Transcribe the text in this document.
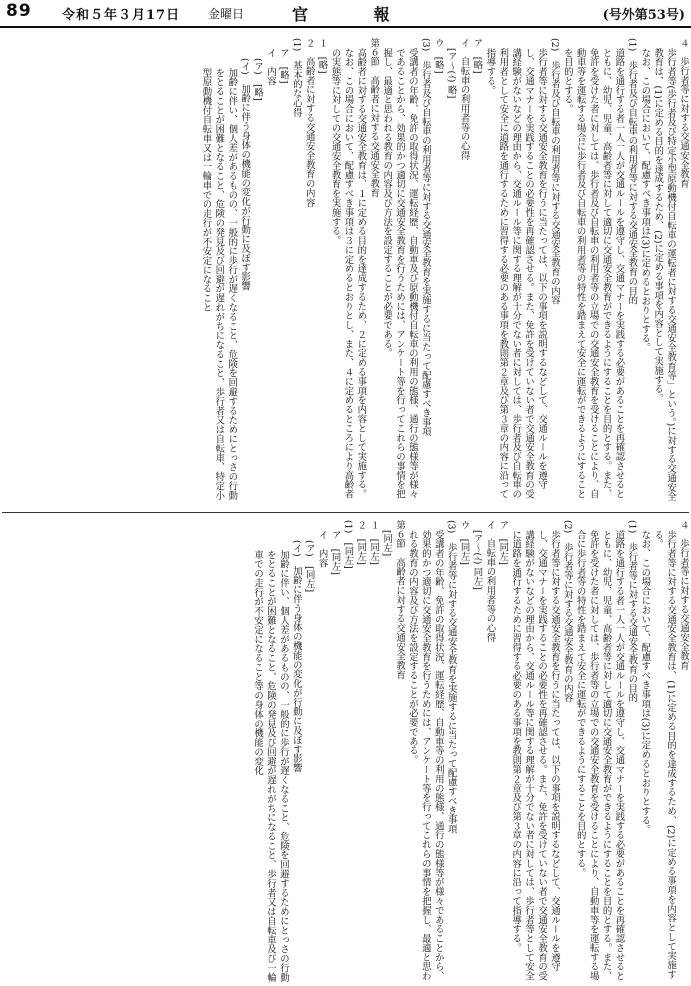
89 令和５年３月17日 金曜日	官 報	(号外第53号)

４　歩行者等に対する交通安全教育

歩行者等(歩行者及び特定小型原動機付自転車の運転者に対する交通安全教育等」という。)に対する交通安全教育は、(1)に定める目的を達成するため、(2)に定める事項を内容として実施する。

なお、この場合において、配慮すべき事項は(3)に定めるとおりとする。

(1)　歩行者及び自転車の利用者等に対する交通安全教育の目的

道路を通行する者一人一人が交通ルールを遵守し、交通マナーを実践する必要があることを再確認させるとともに、幼児、児童、高齢者等に対して適切に交通安全教育ができるようにすることを目的とする。また、免許を受けた者に対しては、歩行者及び自転車の利用者等の立場での交通安全教育を受けることにより、自動車等を運転する場合に歩行者及び自転車の利用者等の特性を踏まえて安全に運転ができるようにすることを目的とする。

(2)　歩行者及び自転車の利用者等に対する交通安全教育の内容

歩行者等に対する交通安全教育を行うに当たっては、以下の事項を説明するなどして、交通ルールを遵守し、交通マナーを実践することの必要性を再確認させる。また、免許を受けていない者で交通安全教育の受講経験がないなどの理由から、交通ルール等に関する理解が十分でない者に対しては、歩行者及び自転車の利用者として安全に道路を通行するために習得する必要のある事項を教則第２章及び第３章の内容に沿って指導する。

ア　[略]

イ　自転車の利用者等の心得

[ア〜(ｲ) 略]

ウ　[略]

(3)　歩行者及び自転車の利用者等に対する交通安全教育を実施するに当たって配慮すべき事項

受講者の年齢、免許の取得状況、運転経歴、自動車及び原動機付自転車の利用の態様、通行の態様等が様々であることから、効果的かつ適切に交通安全教育を行うためには、アンケート等を行ってこれらの事情を把握し、最適と思われる教育の内容及び方法を設定することが必要である。

第６節　高齢者に対する交通安全教育

高齢者に対する交通安全教育は、１に定める目的を達成するため、２に定める事項を内容として実施する。

なお、この場合において、配慮すべき事項は３に定めるとおりとし、また、４に定めるところにより高齢者の実態等に対しての交通安全教育を実施する。

１　[略]

２　高齢者に対する交通安全教育の内容

(1)　基本的な心得

ア　[略]

イ　内容

(ア)　[略]

(イ)　加齢に伴う身体の機能の変化が行動に及ぼす影響

加齢に伴い、個人差があるものの、一般的に歩行が遅くなること、危険を回避するためにとっさの行動をとることが困難となること、危険の発見及び回避が遅れがちになること、歩行者又は自転車、特定小型原動機付自転車又は一輪車での走行が不安定になること

４　歩行者等に対する交通安全教育

歩行者等に対する交通安全教育は、(1)に定める目的を達成するため、(2)に定める事項を内容として実施する。

なお、この場合において、配慮すべき事項は(3)に定めるとおりとする。

(1)　歩行者等に対する交通安全教育の目的

道路を通行する者一人一人が交通ルールを遵守し、交通マナーを実践する必要があることを再確認させるとともに、幼児、児童、高齢者等に対して適切に交通安全教育ができるようにすることを目的とする。また、免許を受けた者に対しては、歩行者等の立場での交通安全教育を受けることにより、自動車等を運転する場合に歩行者等の特性を踏まえて安全に運転ができるようにすることを目的とする。

(2)　歩行者等に対する交通安全教育の内容

歩行者等に対する交通安全教育を行うに当たっては、以下の事項を説明するなどして、交通ルールを遵守し、交通マナーを実践することの必要性を再確認させる。また、免許を受けていない者で交通安全教育の受講経験がないなどの理由から、交通ルール等に関する理解が十分でない者に対しては、歩行者等として安全に道路を通行するために習得する必要のある事項を教則第２章及び第３章の内容に沿って指導する。

ア　[同左]

イ　自転車の利用者等の心得

[ア〜(ｲ) 同左]

ウ　[同左]

(3)　歩行者等に対する交通安全教育を実施するに当たって配慮すべき事項

受講者の年齢、免許の取得状況、運転経歴、自動車等の利用の態様、通行の態様等が様々であることから、効果的かつ適切に交通安全教育を行うためには、アンケート等を行ってこれらの事情を把握し、最適と思われる教育の内容及び方法を設定することが必要である。

第６節　高齢者に対する交通安全教育

[同左]

１　[同左]

２　[同左]

(1)　[同左]

ア　[同左]

イ　内容

(ア)　[同左]

(イ)　加齢に伴う身体の機能の変化が行動に及ぼす影響

加齢に伴い、個人差があるものの、一般的に歩行が遅くなること、危険を回避するためにとっさの行動をとることが困難となること、危険の発見及び回避が遅れがちになること、歩行者又は自転車及び一輪車での走行が不安定になること等の身体の機能の変化
